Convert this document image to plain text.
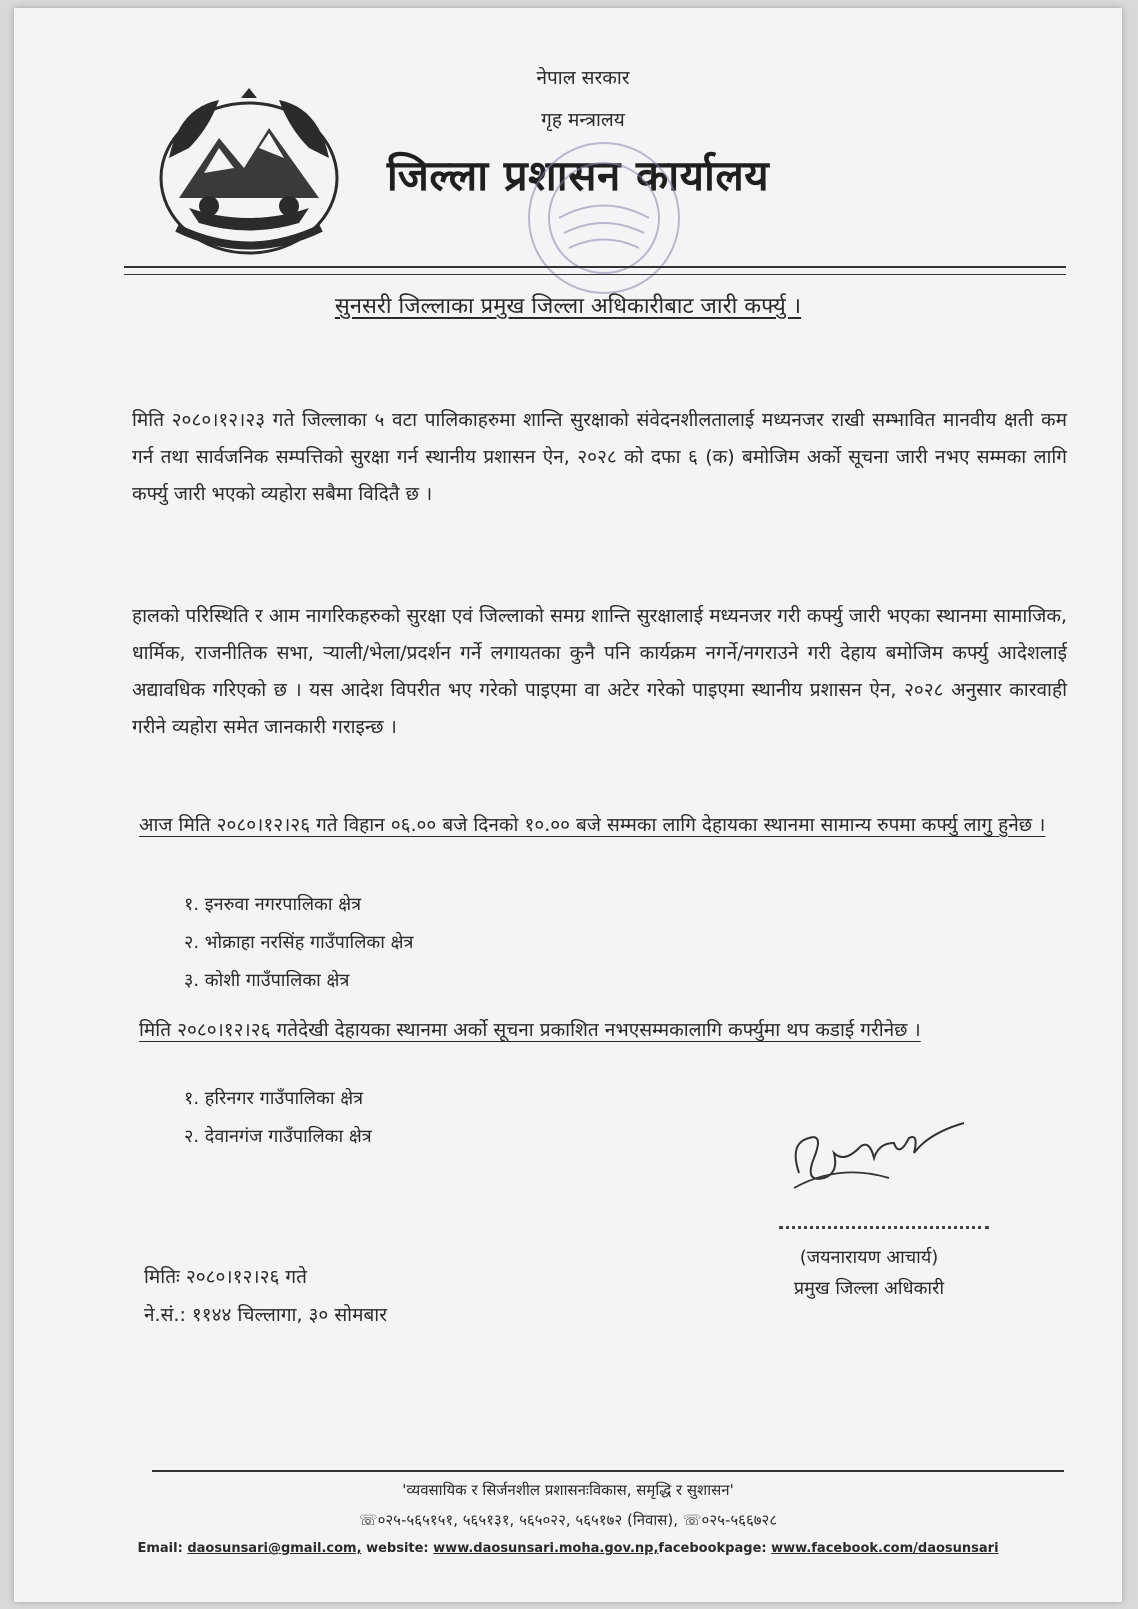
नेपाल सरकार
गृह मन्त्रालय
जिल्ला प्रशासन कार्यालय
सुनसरी जिल्लाका प्रमुख जिल्ला अधिकारीबाट जारी कर्फ्यु ।
मिति २०८०।१२।२३ गते जिल्लाका ५ वटा पालिकाहरुमा शान्ति सुरक्षाको संवेदनशीलतालाई मध्यनजर राखी सम्भावित मानवीय क्षती कम गर्न तथा सार्वजनिक सम्पत्तिको सुरक्षा गर्न स्थानीय प्रशासन ऐन, २०२८ को दफा ६ (क) बमोजिम अर्को सूचना जारी नभए सम्मका लागि कर्फ्यु जारी भएको व्यहोरा सबैमा विदितै छ ।
हालको परिस्थिति र आम नागरिकहरुको सुरक्षा एवं जिल्लाको समग्र शान्ति सुरक्षालाई मध्यनजर गरी कर्फ्यु जारी भएका स्थानमा सामाजिक, धार्मिक, राजनीतिक सभा, ऱ्याली/भेला/प्रदर्शन गर्ने लगायतका कुनै पनि कार्यक्रम नगर्ने/नगराउने गरी देहाय बमोजिम कर्फ्यु आदेशलाई अद्यावधिक गरिएको छ । यस आदेश विपरीत भए गरेको पाइएमा वा अटेर गरेको पाइएमा स्थानीय प्रशासन ऐन, २०२८ अनुसार कारवाही गरीने व्यहोरा समेत जानकारी गराइन्छ ।
आज मिति २०८०।१२।२६ गते विहान ०६.०० बजे दिनको १०.०० बजे सम्मका लागि देहायका स्थानमा सामान्य रुपमा कर्फ्यु लागु हुनेछ ।
१. इनरुवा नगरपालिका क्षेत्र
२. भोक्राहा नरसिंह गाउँपालिका क्षेत्र
३. कोशी गाउँपालिका क्षेत्र
मिति २०८०।१२।२६ गतेदेखी देहायका स्थानमा अर्को सूचना प्रकाशित नभएसम्मकालागि कर्फ्युमा थप कडाई गरीनेछ ।
१. हरिनगर गाउँपालिका क्षेत्र
२. देवानगंज गाउँपालिका क्षेत्र
(जयनारायण आचार्य)
प्रमुख जिल्ला अधिकारी
मितिः २०८०।१२।२६ गते
ने.सं.: ११४४ चिल्लागा, ३० सोमबार
'व्यवसायिक र सिर्जनशील प्रशासनःविकास, समृद्धि र सुशासन'
☏०२५-५६५१५१, ५६५१३१, ५६५०२२, ५६५१७२ (निवास), ☏०२५-५६६७२८
Email: daosunsari@gmail.com, website: www.daosunsari.moha.gov.np,facebookpage: www.facebook.com/daosunsari
